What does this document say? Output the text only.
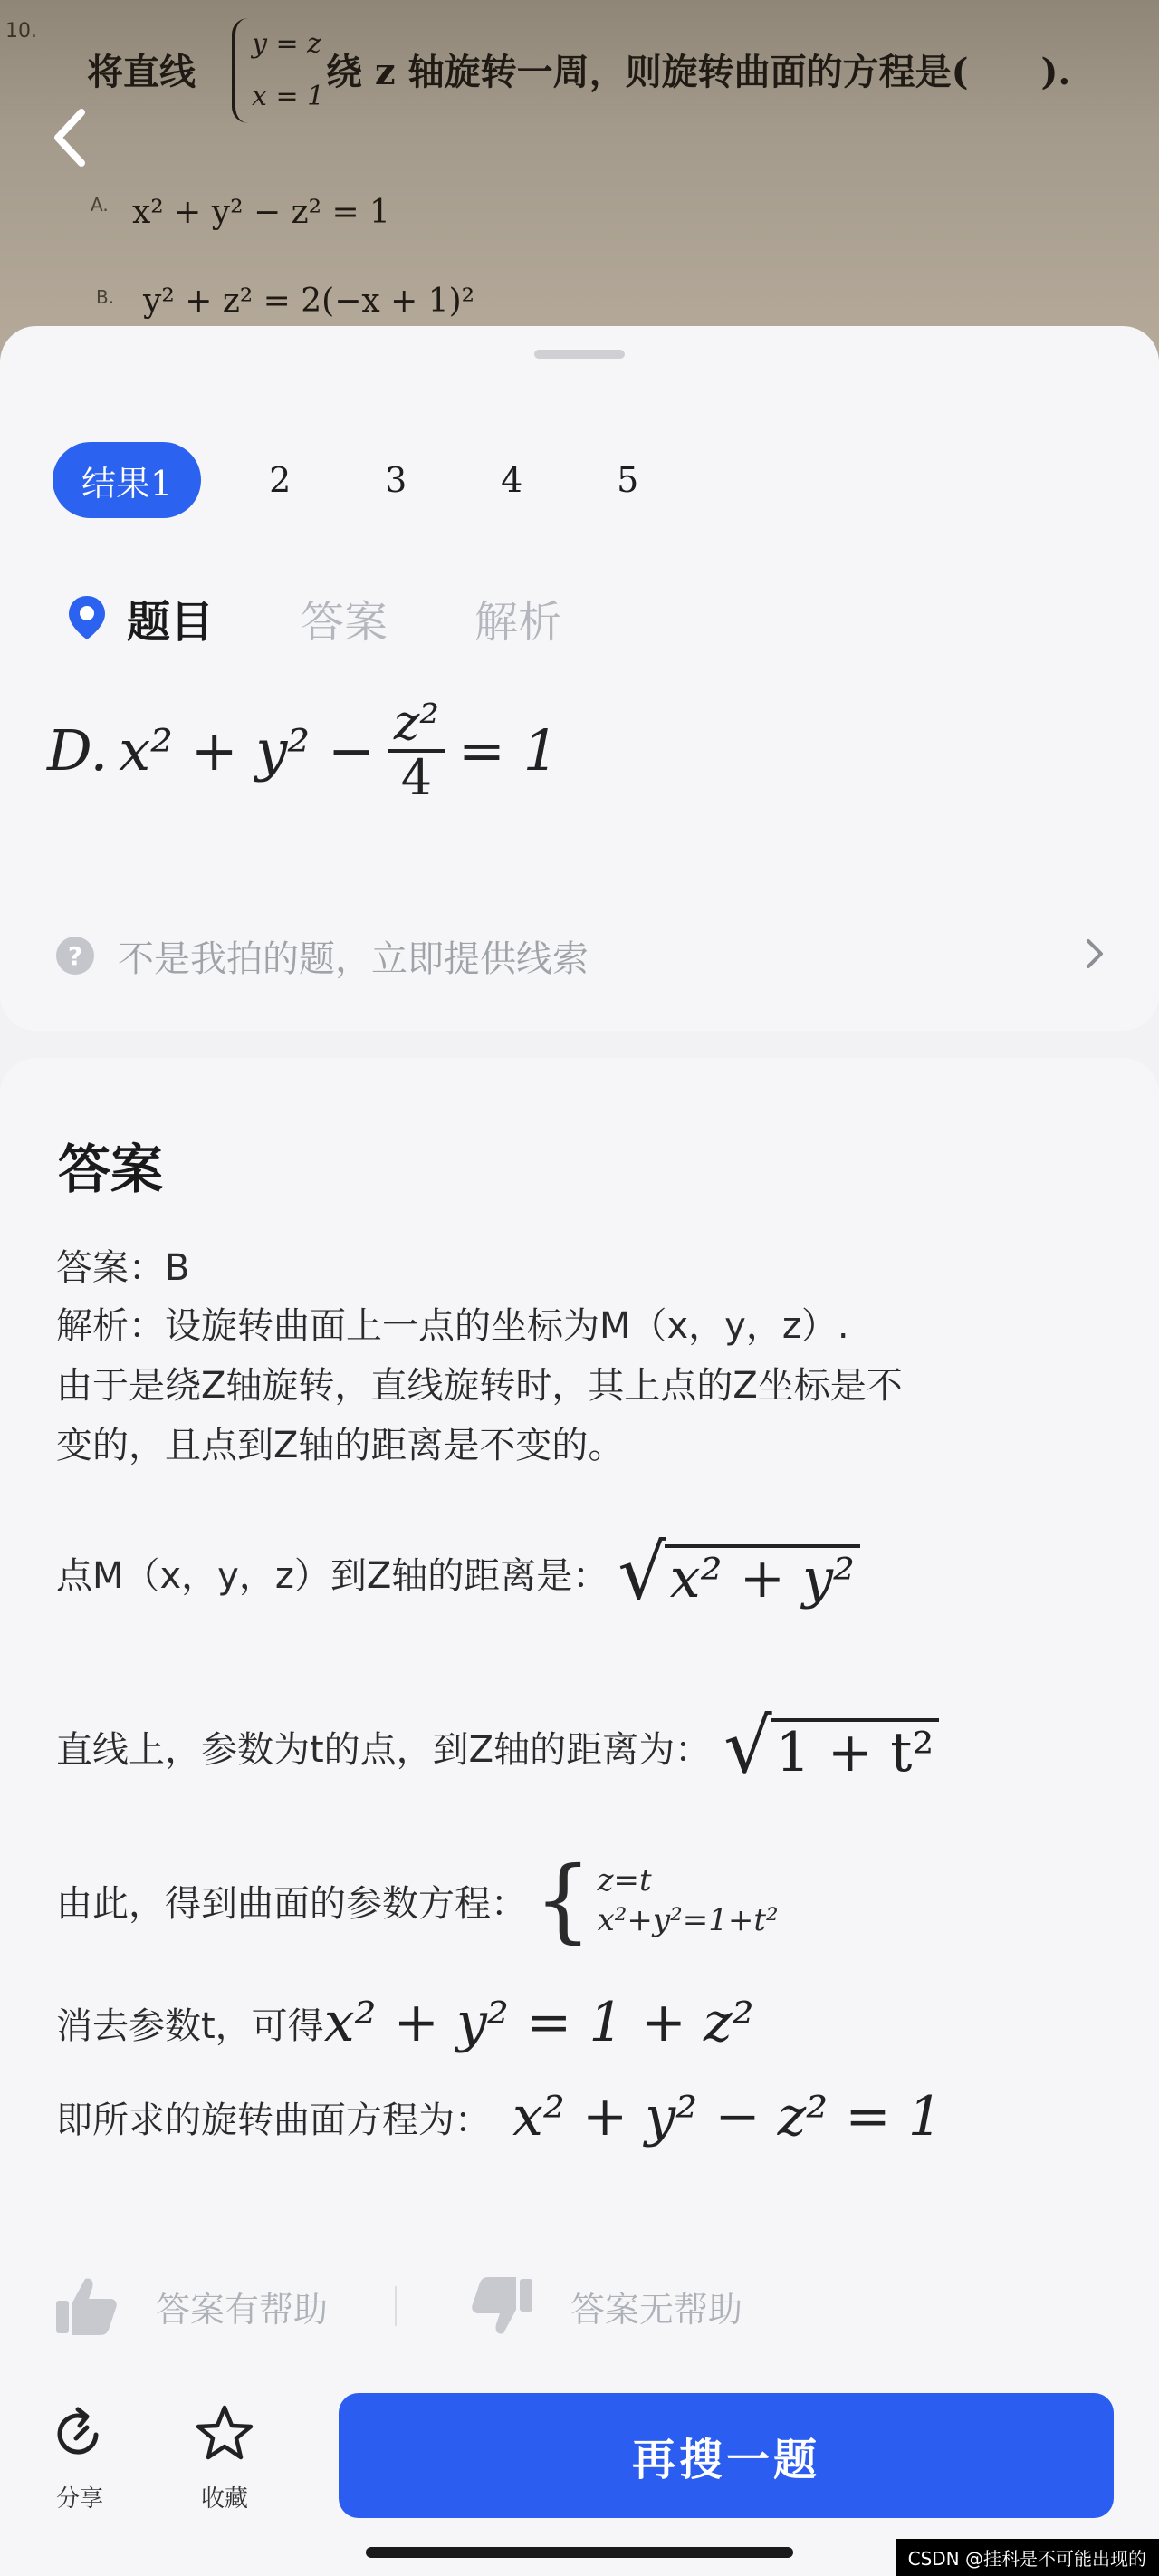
10.
将直线
y = z
x = 1
绕 z 轴旋转一周，则旋转曲面的方程是(　　).
A. x² + y² − z² = 1
B. y² + z² = 2(−x + 1)²
结果1	2	3	4	5
题目 答案 解析
D. $x^2 + y^2 - \frac{\text{z²}}{4} = 1$
? 不是我拍的题，立即提供线索
答案
答案：B
解析：设旋转曲面上一点的坐标为M（x，y，z）.
由于是绕Z轴旋转，直线旋转时，其上点的Z坐标是不
变的，且点到Z轴的距离是不变的。
点M（x，y，z）到Z轴的距离是： √ x² + y²
直线上，参数为t的点，到Z轴的距离为： √ 1 + t²
由此，得到曲面的参数方程： { z=t
x²+y²=1+t²
消去参数t，可得 x² + y² = 1 + z²
即所求的旋转曲面方程为： x² + y² − z² = 1
答案有帮助	答案无帮助
分享	收藏
再搜一题
CSDN @挂科是不可能出现的
